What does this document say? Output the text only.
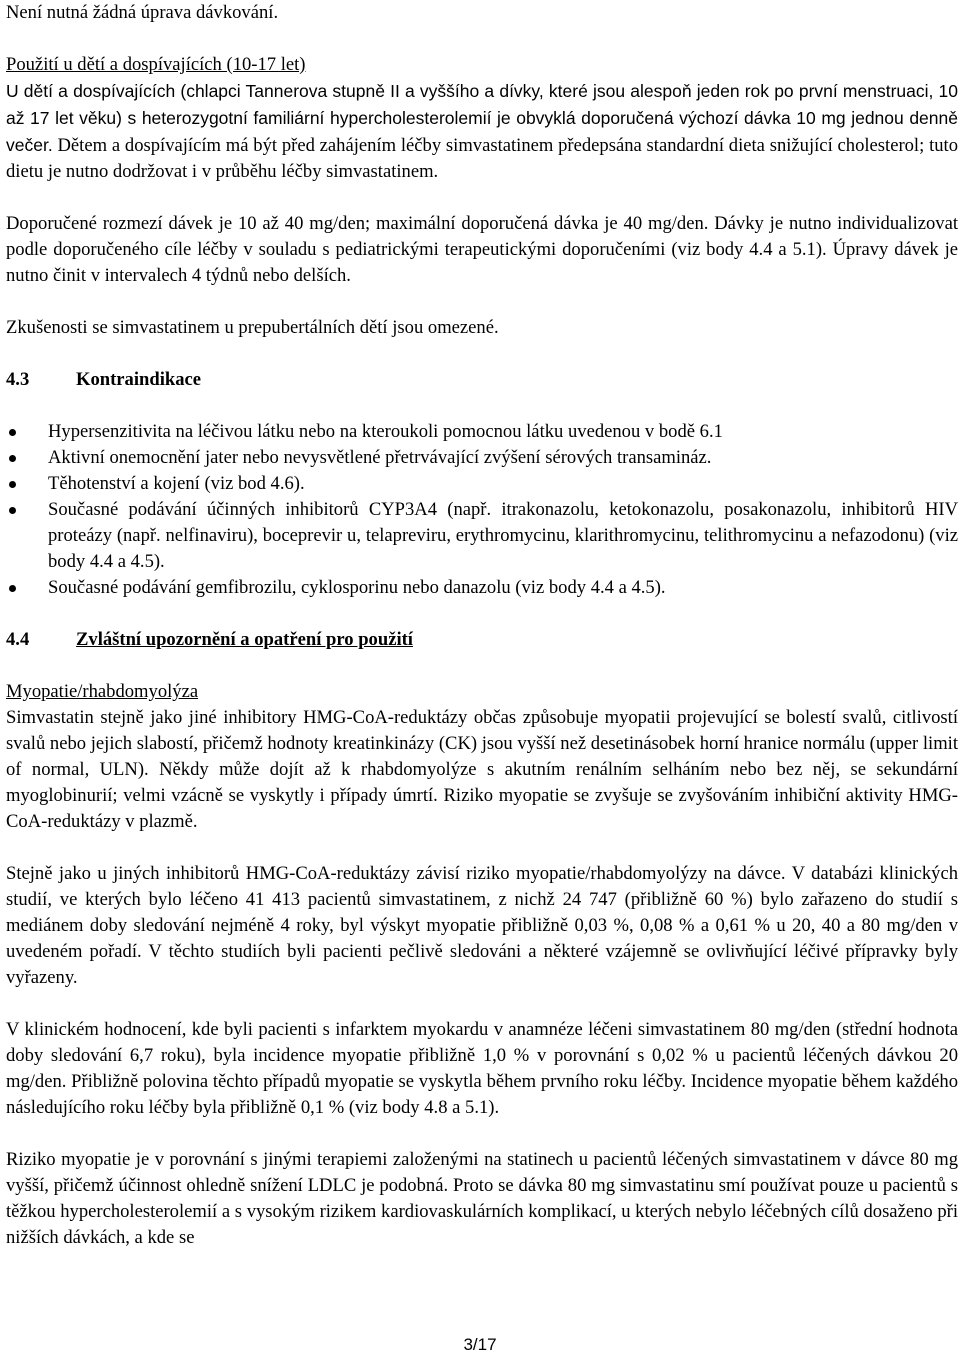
Není nutná žádná úprava dávkování.

Použití u dětí a dospívajících (10-17 let)

U dětí a dospívajících (chlapci Tannerova stupně II a vyššího a dívky, které jsou alespoň jeden rok po první menstruaci, 10 až 17 let věku) s heterozygotní familiární hypercholesterolemií je obvyklá doporučená výchozí dávka 10 mg jednou denně večer. Dětem a dospívajícím má být před zahájením léčby simvastatinem předepsána standardní dieta snižující cholesterol; tuto dietu je nutno dodržovat i v průběhu léčby simvastatinem.

Doporučené rozmezí dávek je 10 až 40 mg/den; maximální doporučená dávka je 40 mg/den. Dávky je nutno individualizovat podle doporučeného cíle léčby v souladu s pediatrickými terapeutickými doporučeními (viz body 4.4 a 5.1). Úpravy dávek je nutno činit v intervalech 4 týdnů nebo delších.

Zkušenosti se simvastatinem u prepubertálních dětí jsou omezené.

4.3	Kontraindikace
Hypersenzitivita na léčivou látku nebo na kteroukoli pomocnou látku uvedenou v bodě 6.1
Aktivní onemocnění jater nebo nevysvětlené přetrvávající zvýšení sérových transamináz.
Těhotenství a kojení (viz bod 4.6).
Současné podávání účinných inhibitorů CYP3A4 (např. itrakonazolu, ketokonazolu, posakonazolu, inhibitorů HIV proteázy (např. nelfinaviru), boceprevir u, telapreviru, erythromycinu, klarithromycinu, telithromycinu a nefazodonu) (viz body 4.4 a 4.5).
Současné podávání gemfibrozilu, cyklosporinu nebo danazolu (viz body 4.4 a 4.5).
4.4	Zvláštní upozornění a opatření pro použití

Myopatie/rhabdomyolýza

Simvastatin stejně jako jiné inhibitory HMG-CoA-reduktázy občas způsobuje myopatii projevující se bolestí svalů, citlivostí svalů nebo jejich slabostí, přičemž hodnoty kreatinkinázy (CK) jsou vyšší než desetinásobek horní hranice normálu (upper limit of normal, ULN). Někdy může dojít až k rhabdomyolýze s akutním renálním selháním nebo bez něj, se sekundární myoglobinurií; velmi vzácně se vyskytly i případy úmrtí. Riziko myopatie se zvyšuje se zvyšováním inhibiční aktivity HMG-CoA-reduktázy v plazmě.

Stejně jako u jiných inhibitorů HMG-CoA-reduktázy závisí riziko myopatie/rhabdomyolýzy na dávce. V databázi klinických studií, ve kterých bylo léčeno 41 413 pacientů simvastatinem, z nichž 24 747 (přibližně 60 %) bylo zařazeno do studií s mediánem doby sledování nejméně 4 roky, byl výskyt myopatie přibližně 0,03 %, 0,08 % a 0,61 % u 20, 40 a 80 mg/den v uvedeném pořadí. V těchto studiích byli pacienti pečlivě sledováni a některé vzájemně se ovlivňující léčivé přípravky byly vyřazeny.

V klinickém hodnocení, kde byli pacienti s infarktem myokardu v anamnéze léčeni simvastatinem 80 mg/den (střední hodnota doby sledování 6,7 roku), byla incidence myopatie přibližně 1,0 % v porovnání s 0,02 % u pacientů léčených dávkou 20 mg/den. Přibližně polovina těchto případů myopatie se vyskytla během prvního roku léčby. Incidence myopatie během každého následujícího roku léčby byla přibližně 0,1 % (viz body 4.8 a 5.1).

Riziko myopatie je v porovnání s jinými terapiemi založenými na statinech u pacientů léčených simvastatinem v dávce 80 mg vyšší, přičemž účinnost ohledně snížení LDLC je podobná. Proto se dávka 80 mg simvastatinu smí používat pouze u pacientů s těžkou hypercholesterolemií a s vysokým rizikem kardiovaskulárních komplikací, u kterých nebylo léčebných cílů dosaženo při nižších dávkách, a kde se

3/17
